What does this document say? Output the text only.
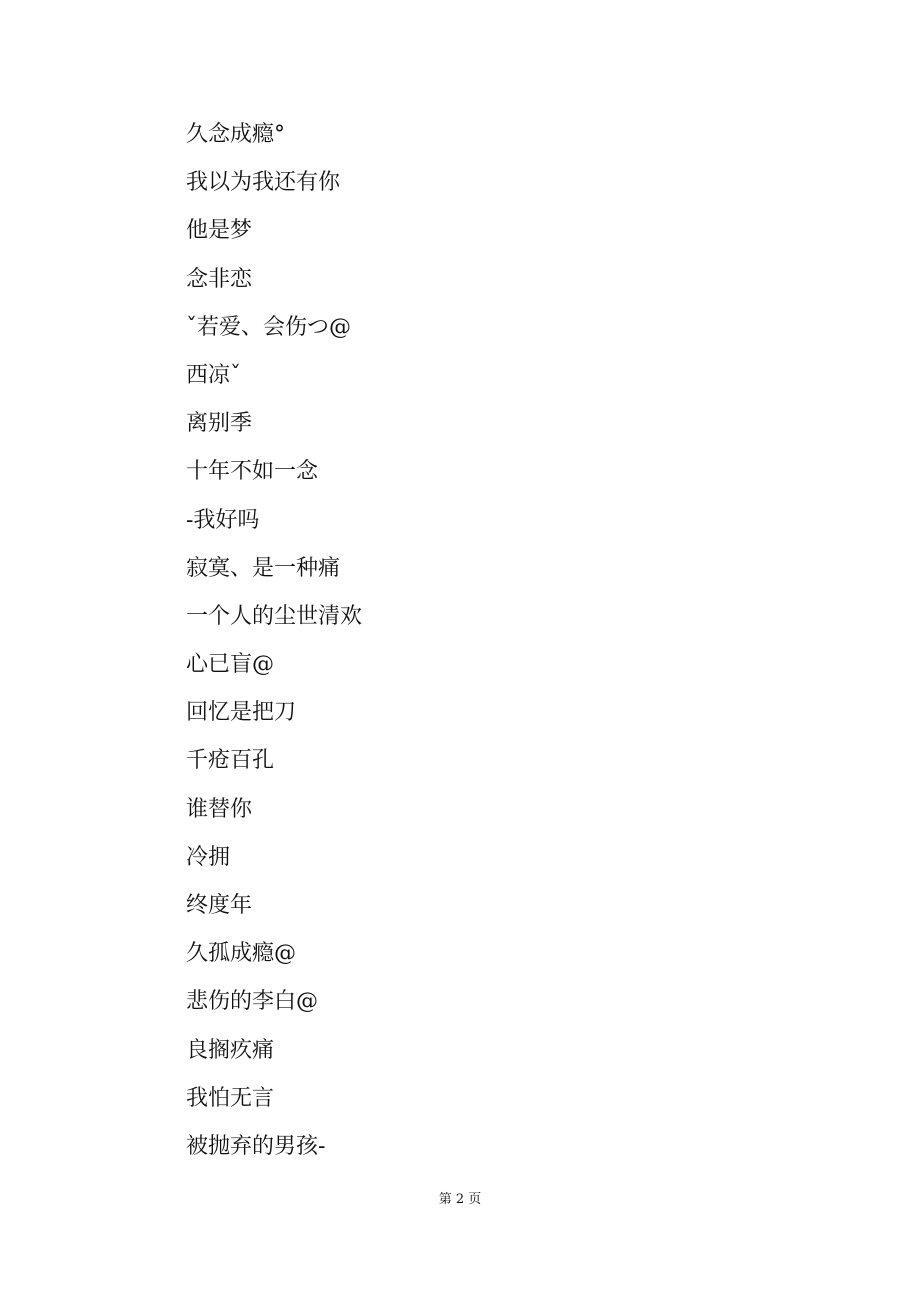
久念成瘾°
我以为我还有你
他是梦
念非恋
ˇ若爱、会伤つ@
西凉ˇ
离别季
十年不如一念
-我好吗
寂寞、是一种痛
一个人的尘世清欢
心已盲@
回忆是把刀
千疮百孔
谁替你
冷拥
终度年
久孤成瘾@
悲伤的李白@
良搁疚痛
我怕无言
被抛弃的男孩-
第 2 页
